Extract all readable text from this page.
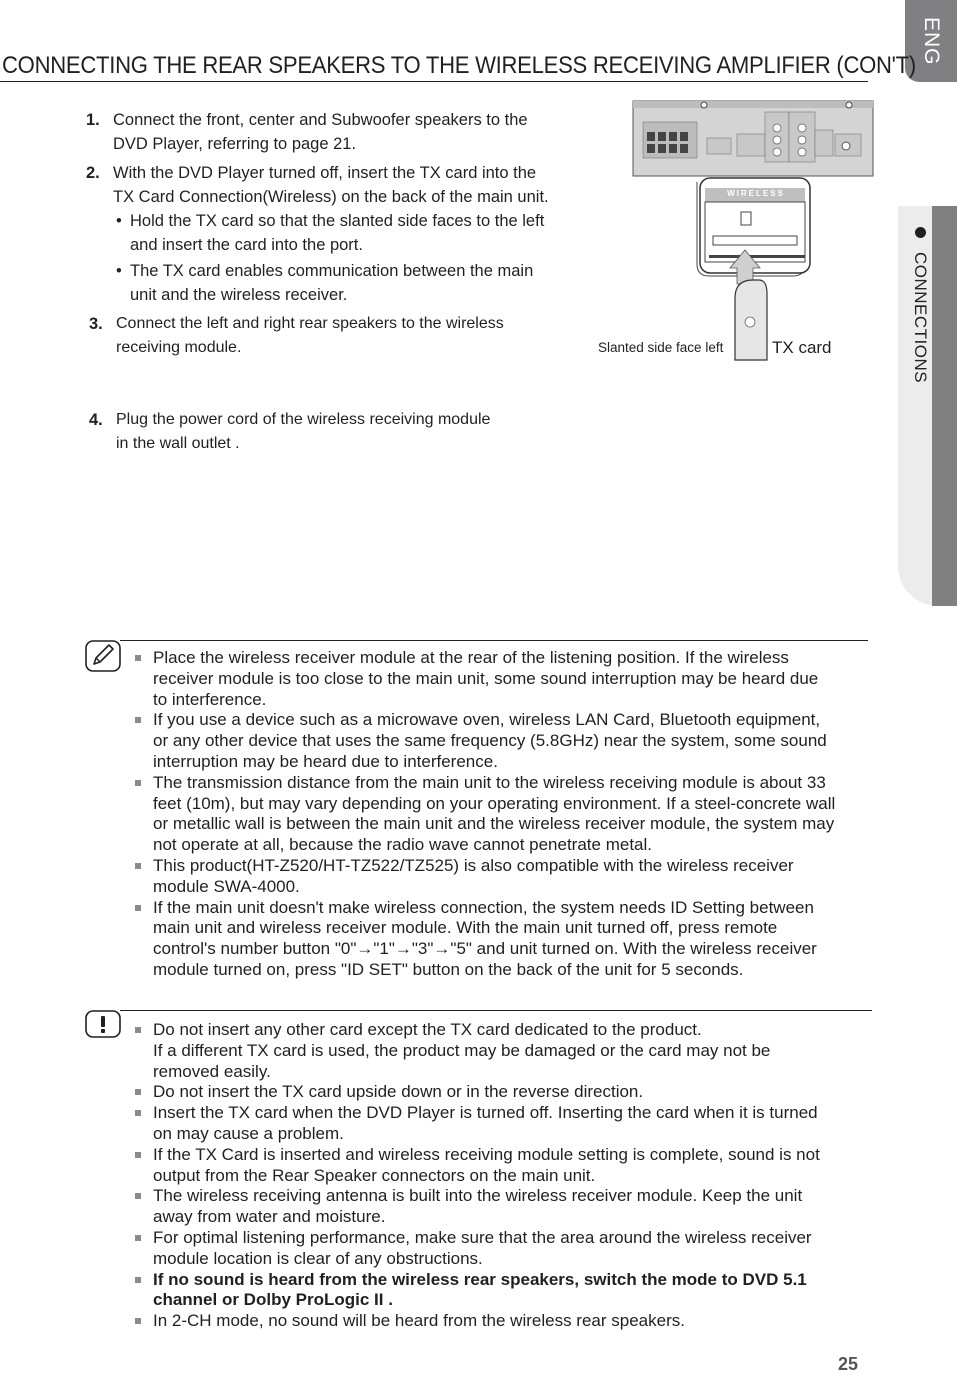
ENG
CONNECTIONS
CONNECTING THE REAR SPEAKERS TO THE WIRELESS RECEIVING AMPLIFIER (CON'T)
1. Connect the front, center and Subwoofer speakers to the
DVD Player, referring to page 21.
2. With the DVD Player turned off, insert the TX card into the
TX Card Connection(Wireless) on the back of the main unit.
• Hold the TX card so that the slanted side faces to the left
and insert the card into the port.
• The TX card enables communication between the main
unit and the wireless receiver.
3. Connect the left and right rear speakers to the wireless
receiving module.
4. Plug the power cord of the wireless receiving module
in the wall outlet .
WIRELESS
Slanted side face left	TX card
Place the wireless receiver module at the rear of the listening position. If the wireless
receiver module is too close to the main unit, some sound interruption may be heard due
to interference.
If you use a device such as a microwave oven, wireless LAN Card, Bluetooth equipment,
or any other device that uses the same frequency (5.8GHz) near the system, some sound
interruption may be heard due to interference.
The transmission distance from the main unit to the wireless receiving module is about 33
feet (10m), but may vary depending on your operating environment. If a steel-concrete wall
or metallic wall is between the main unit and the wireless receiver module, the system may
not operate at all, because the radio wave cannot penetrate metal.
This product(HT-Z520/HT-TZ522/TZ525) is also compatible with the wireless receiver
module SWA-4000.
If the main unit doesn't make wireless connection, the system needs ID Setting between
main unit and wireless receiver module. With the main unit turned off, press remote
control's number button "0"→"1"→"3"→"5" and unit turned on. With the wireless receiver
module turned on, press "ID SET" button on the back of the unit for 5 seconds.
Do not insert any other card except the TX card dedicated to the product.
If a different TX card is used, the product may be damaged or the card may not be
removed easily.
Do not insert the TX card upside down or in the reverse direction.
Insert the TX card when the DVD Player is turned off. Inserting the card when it is turned
on may cause a problem.
If the TX Card is inserted and wireless receiving module setting is complete, sound is not
output from the Rear Speaker connectors on the main unit.
The wireless receiving antenna is built into the wireless receiver module. Keep the unit
away from water and moisture.
For optimal listening performance, make sure that the area around the wireless receiver
module location is clear of any obstructions.
If no sound is heard from the wireless rear speakers, switch the mode to DVD 5.1
channel or Dolby ProLogic II .
In 2-CH mode, no sound will be heard from the wireless rear speakers.
25
